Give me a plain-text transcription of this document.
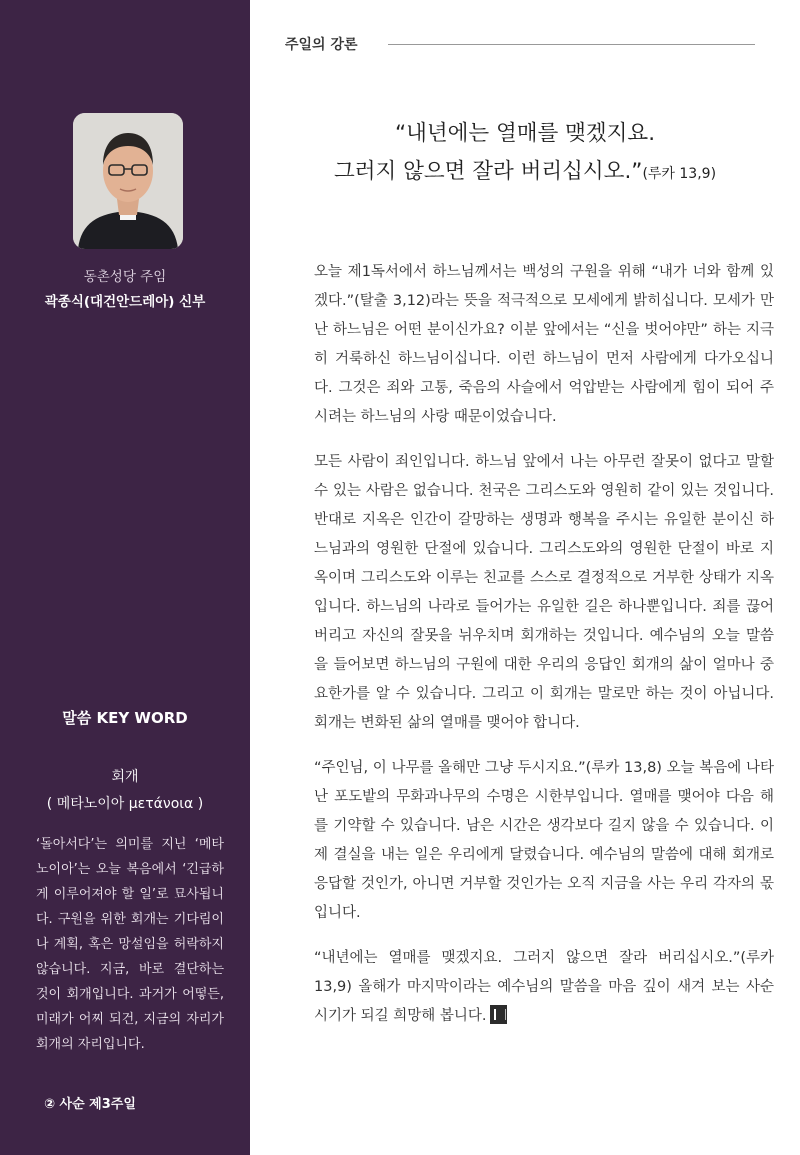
동촌성당 주임
곽종식(대건안드레아) 신부
말씀 KEY WORD
회개
( 메타노이아 μετάνοια )
‘돌아서다’는 의미를 지닌 ‘메타노이아’는 오늘 복음에서 ‘긴급하게 이루어져야 할 일’로 묘사됩니다. 구원을 위한 회개는 기다림이나 계획, 혹은 망설임을 허락하지 않습니다. 지금, 바로 결단하는 것이 회개입니다. 과거가 어떻든, 미래가 어찌 되건, 지금의 자리가 회개의 자리입니다.
② 사순 제3주일
주일의 강론
“내년에는 열매를 맺겠지요.
그러지 않으면 잘라 버리십시오.”(루카 13,9)

오늘 제1독서에서 하느님께서는 백성의 구원을 위해 “내가 너와 함께 있겠다.”(탈출 3,12)라는 뜻을 적극적으로 모세에게 밝히십니다. 모세가 만난 하느님은 어떤 분이신가요? 이분 앞에서는 “신을 벗어야만” 하는 지극히 거룩하신 하느님이십니다. 이런 하느님이 먼저 사람에게 다가오십니다. 그것은 죄와 고통, 죽음의 사슬에서 억압받는 사람에게 힘이 되어 주시려는 하느님의 사랑 때문이었습니다.

모든 사람이 죄인입니다. 하느님 앞에서 나는 아무런 잘못이 없다고 말할 수 있는 사람은 없습니다. 천국은 그리스도와 영원히 같이 있는 것입니다. 반대로 지옥은 인간이 갈망하는 생명과 행복을 주시는 유일한 분이신 하느님과의 영원한 단절에 있습니다. 그리스도와의 영원한 단절이 바로 지옥이며 그리스도와 이루는 친교를 스스로 결정적으로 거부한 상태가 지옥입니다. 하느님의 나라로 들어가는 유일한 길은 하나뿐입니다. 죄를 끊어버리고 자신의 잘못을 뉘우치며 회개하는 것입니다. 예수님의 오늘 말씀을 들어보면 하느님의 구원에 대한 우리의 응답인 회개의 삶이 얼마나 중요한가를 알 수 있습니다. 그리고 이 회개는 말로만 하는 것이 아닙니다. 회개는 변화된 삶의 열매를 맺어야 합니다.

“주인님, 이 나무를 올해만 그냥 두시지요.”(루카 13,8) 오늘 복음에 나타난 포도밭의 무화과나무의 수명은 시한부입니다. 열매를 맺어야 다음 해를 기약할 수 있습니다. 남은 시간은 생각보다 길지 않을 수 있습니다. 이제 결실을 내는 일은 우리에게 달렸습니다. 예수님의 말씀에 대해 회개로 응답할 것인가, 아니면 거부할 것인가는 오직 지금을 사는 우리 각자의 몫입니다.

“내년에는 열매를 맺겠지요. 그러지 않으면 잘라 버리십시오.”(루카 13,9) 올해가 마지막이라는 예수님의 말씀을 마음 깊이 새겨 보는 사순 시기가 되길 희망해 봅니다.
